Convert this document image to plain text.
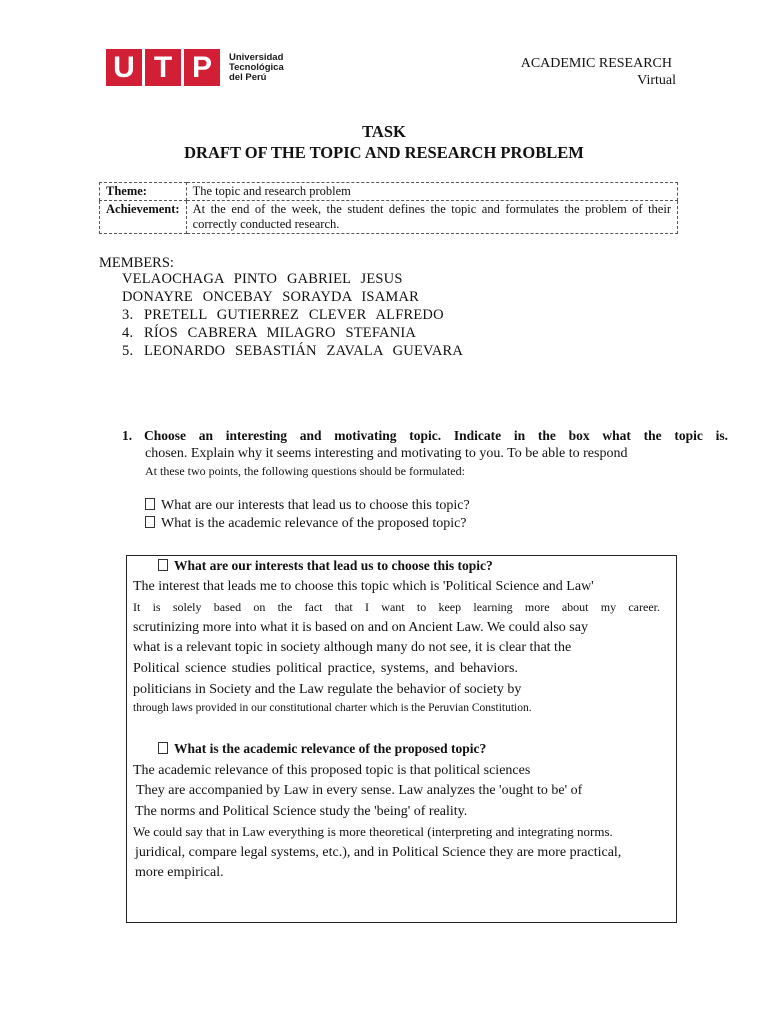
U T P	Universidad
Tecnológica
del Perú
ACADEMIC RESEARCH
Virtual
TASK
DRAFT OF THE TOPIC AND RESEARCH PROBLEM
Theme:	The topic and research problem
Achievement:	At the end of the week, the student defines the topic and formulates the problem of their correctly conducted research.
MEMBERS:
VELAOCHAGA PINTO GABRIEL JESUS
DONAYRE ONCEBAY SORAYDA ISAMAR
3. PRETELL GUTIERREZ CLEVER ALFREDO
4. RÍOS CABRERA MILAGRO STEFANIA
5. LEONARDO SEBASTIÁN ZAVALA GUEVARA
1. Choose an interesting and motivating topic. Indicate in the box what the topic is.
chosen. Explain why it seems interesting and motivating to you. To be able to respond
At these two points, the following questions should be formulated:
What are our interests that lead us to choose this topic?
What is the academic relevance of the proposed topic?
What are our interests that lead us to choose this topic?
The interest that leads me to choose this topic which is 'Political Science and Law'
It is solely based on the fact that I want to keep learning more about my career.
scrutinizing more into what it is based on and on Ancient Law. We could also say
what is a relevant topic in society although many do not see, it is clear that the
Political science studies political practice, systems, and behaviors.
politicians in Society and the Law regulate the behavior of society by
through laws provided in our constitutional charter which is the Peruvian Constitution.
What is the academic relevance of the proposed topic?
The academic relevance of this proposed topic is that political sciences
They are accompanied by Law in every sense. Law analyzes the 'ought to be' of
The norms and Political Science study the 'being' of reality.
We could say that in Law everything is more theoretical (interpreting and integrating norms.
juridical, compare legal systems, etc.), and in Political Science they are more practical,
more empirical.
